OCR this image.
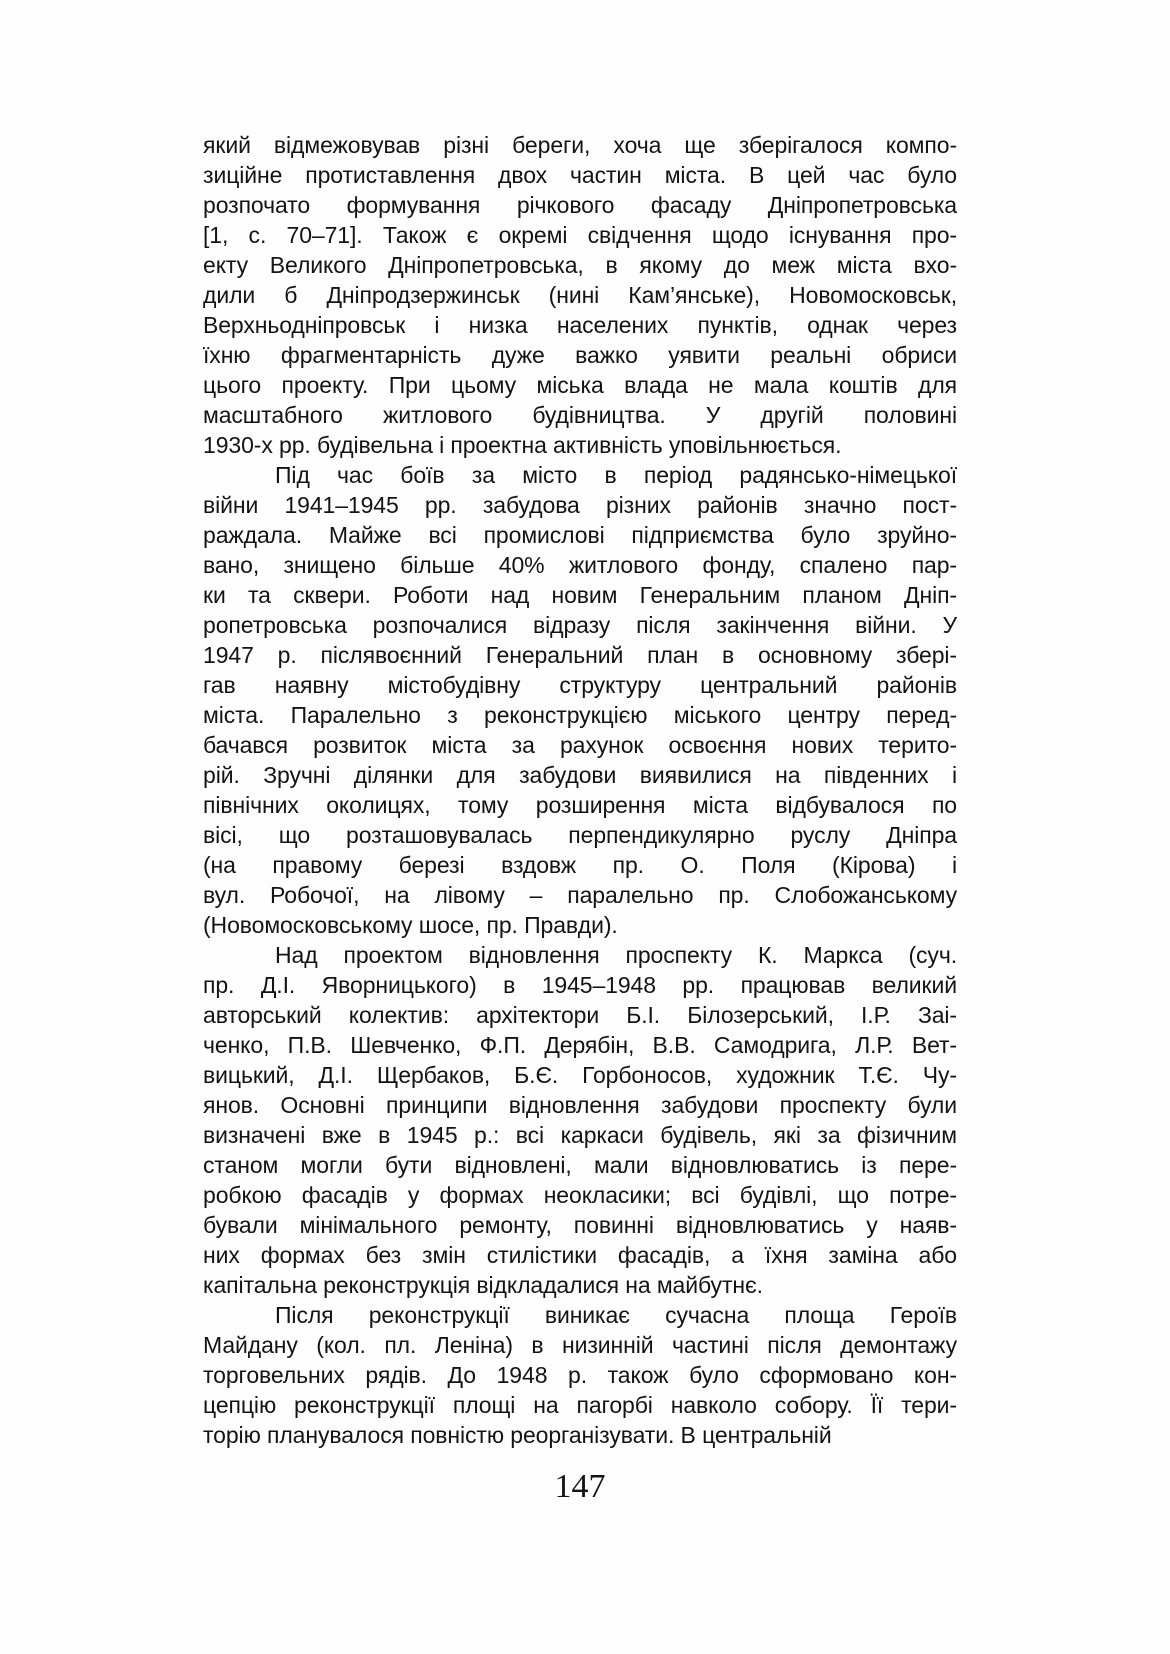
який відмежовував різні береги, хоча ще зберігалося компо-
зиційне протиставлення двох частин міста. В цей час було
розпочато формування річкового фасаду Дніпропетровська
[1, с. 70–71]. Також є окремі свідчення щодо існування про-
екту Великого Дніпропетровська, в якому до меж міста вхо-
дили б Дніпродзержинськ (нині Кам’янське), Новомосковськ,
Верхньодніпровськ і низка населених пунктів, однак через
їхню фрагментарність дуже важко уявити реальні обриси
цього проекту. При цьому міська влада не мала коштів для
масштабного житлового будівництва. У другій половині
1930-х рр. будівельна і проектна активність уповільнюється.
Під час боїв за місто в період радянсько-німецької
війни 1941–1945 рр. забудова різних районів значно пост-
раждала. Майже всі промислові підприємства було зруйно-
вано, знищено більше 40% житлового фонду, спалено пар-
ки та сквери. Роботи над новим Генеральним планом Дніп-
ропетровська розпочалися відразу після закінчення війни. У
1947 р. післявоєнний Генеральний план в основному збері-
гав наявну містобудівну структуру центральний районів
міста. Паралельно з реконструкцією міського центру перед-
бачався розвиток міста за рахунок освоєння нових терито-
рій. Зручні ділянки для забудови виявилися на південних і
північних околицях, тому розширення міста відбувалося по
вісі, що розташовувалась перпендикулярно руслу Дніпра
(на правому березі вздовж пр. О. Поля (Кірова) і
вул. Робочої, на лівому – паралельно пр. Слобожанському
(Новомосковському шосе, пр. Правди).
Над проектом відновлення проспекту К. Маркса (суч.
пр. Д.І. Яворницького) в 1945–1948 рр. працював великий
авторський колектив: архітектори Б.І. Білозерський, І.Р. Заі-
ченко, П.В. Шевченко, Ф.П. Дерябін, В.В. Самодрига, Л.Р. Вет-
вицький, Д.І. Щербаков, Б.Є. Горбоносов, художник Т.Є. Чу-
янов. Основні принципи відновлення забудови проспекту були
визначені вже в 1945 р.: всі каркаси будівель, які за фізичним
станом могли бути відновлені, мали відновлюватись із пере-
робкою фасадів у формах неокласики; всі будівлі, що потре-
бували мінімального ремонту, повинні відновлюватись у наяв-
них формах без змін стилістики фасадів, а їхня заміна або
капітальна реконструкція відкладалися на майбутнє.
Після реконструкції виникає сучасна площа Героїв
Майдану (кол. пл. Леніна) в низинній частині після демонтажу
торговельних рядів. До 1948 р. також було сформовано кон-
цепцію реконструкції площі на пагорбі навколо собору. Її тери-
торію планувалося повністю реорганізувати. В центральній
147
